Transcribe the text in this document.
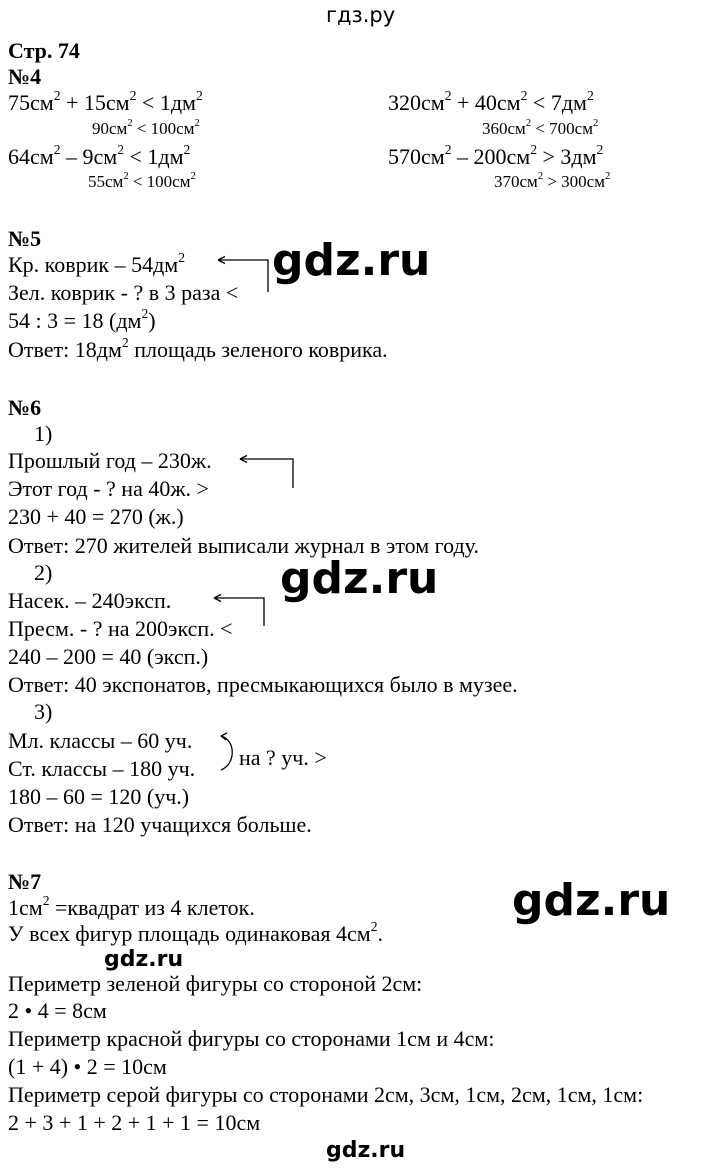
гдз.ру
Стр. 74
№4
$75см^2 + 15см^2 < 1дм^2$
$90см^2 < 100см^2$
$64см^2 - 9см^2 < 1дм^2$
$55см^2 < 100см^2$
$320см^2 + 40см^2 < 7дм^2$
$360см^2 < 700см^2$
$570см^2 - 200см^2 > 3дм^2$
$370см^2 > 300см^2$
№5
Кр. коврик – $54дм^2$
Зел. коврик - ? в 3 раза <
54 : 3 = 18 $(дм^2)$
Ответ: $18дм^2$ площадь зеленого коврика.
№6
1)
Прошлый год – 230ж.
Этот год - ? на 40ж. >
230 + 40 = 270 (ж.)
Ответ: 270 жителей выписали журнал в этом году.
2)
Насек. – 240эксп.
Пресм. - ? на 200эксп. <
240 – 200 = 40 (эксп.)
Ответ: 40 экспонатов, пресмыкающихся было в музее.
3)
Мл. классы – 60 уч.
Ст. классы – 180 уч. на ? уч. >
180 – 60 = 120 (уч.)
Ответ: на 120 учащихся больше.
№7
$1см^2$ =квадрат из 4 клеток.
У всех фигур площадь одинаковая $4см^2$.
Периметр зеленой фигуры со стороной 2см:
2 • 4 = 8см
Периметр красной фигуры со сторонами 1см и 4см:
(1 + 4) • 2 = 10см
Периметр серой фигуры со сторонами 2см, 3см, 1см, 2см, 1см, 1см:
2 + 3 + 1 + 2 + 1 + 1 = 10см
gdz.ru
gdz.ru
gdz.ru
gdz.ru
gdz.ru
